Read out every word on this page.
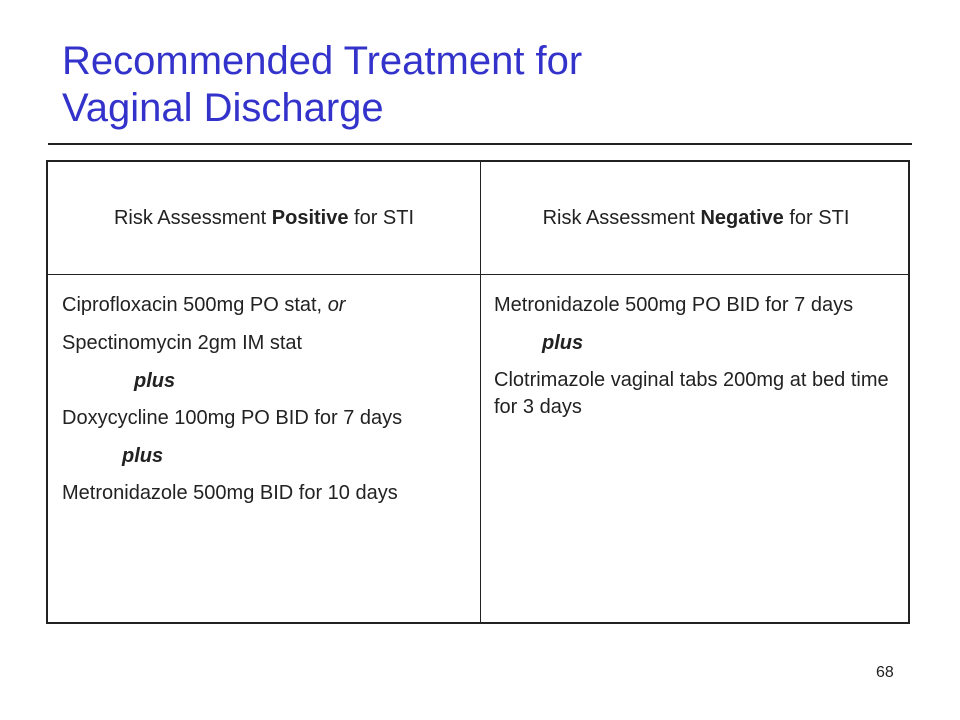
Recommended Treatment for
Vaginal Discharge
Risk Assessment Positive for STI	Risk Assessment Negative for STI

Ciprofloxacin 500mg PO stat, or

Spectinomycin 2gm IM stat

plus

Doxycycline 100mg PO BID for 7 days

plus

Metronidazole 500mg BID for 10 days

Metronidazole 500mg PO BID for 7 days

plus

Clotrimazole vaginal tabs 200mg at bed time for 3 days

68
